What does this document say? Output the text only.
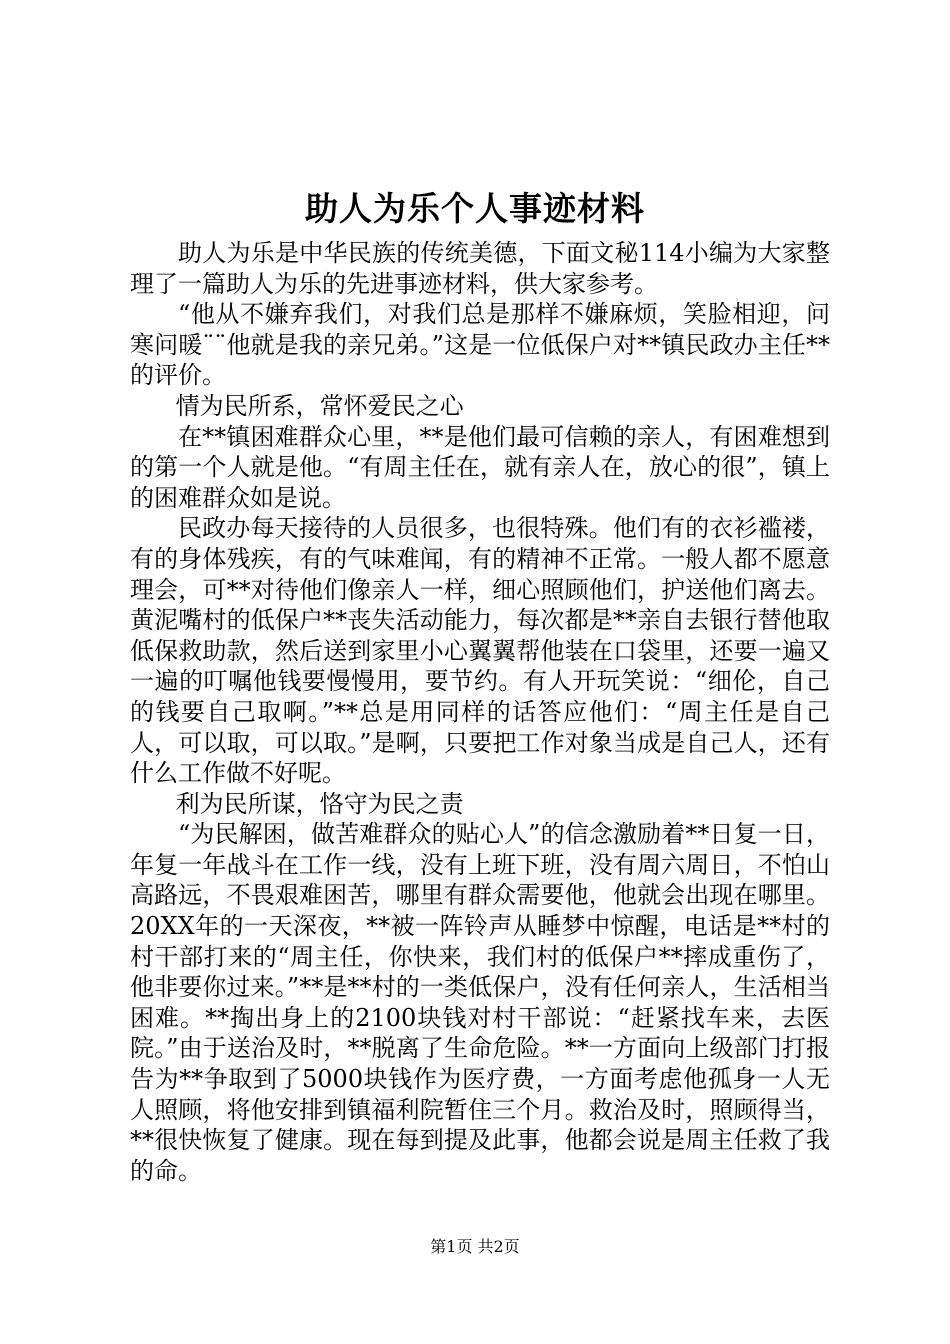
助人为乐个人事迹材料

助人为乐是中华民族的传统美德，下面文秘114小编为大家整理了一篇助人为乐的先进事迹材料，供大家参考。

“他从不嫌弃我们，对我们总是那样不嫌麻烦，笑脸相迎，问寒问暖¨¨他就是我的亲兄弟。”这是一位低保户对**镇民政办主任**的评价。

情为民所系，常怀爱民之心

在**镇困难群众心里，**是他们最可信赖的亲人，有困难想到的第一个人就是他。“有周主任在，就有亲人在，放心的很”，镇上的困难群众如是说。

民政办每天接待的人员很多，也很特殊。他们有的衣衫褴褛，有的身体残疾，有的气味难闻，有的精神不正常。一般人都不愿意理会，可**对待他们像亲人一样，细心照顾他们，护送他们离去。黄泥嘴村的低保户**丧失活动能力，每次都是**亲自去银行替他取低保救助款，然后送到家里小心翼翼帮他装在口袋里，还要一遍又一遍的叮嘱他钱要慢慢用，要节约。有人开玩笑说：“细伦，自己的钱要自己取啊。”**总是用同样的话答应他们：“周主任是自己人，可以取，可以取。”是啊，只要把工作对象当成是自己人，还有什么工作做不好呢。

利为民所谋，恪守为民之责

“为民解困，做苦难群众的贴心人”的信念激励着**日复一日，年复一年战斗在工作一线，没有上班下班，没有周六周日，不怕山高路远，不畏艰难困苦，哪里有群众需要他，他就会出现在哪里。20XX年的一天深夜，**被一阵铃声从睡梦中惊醒，电话是**村的村干部打来的“周主任，你快来，我们村的低保户**摔成重伤了，他非要你过来。”**是**村的一类低保户，没有任何亲人，生活相当困难。**掏出身上的2100块钱对村干部说：“赶紧找车来，去医院。”由于送治及时，**脱离了生命危险。**一方面向上级部门打报告为**争取到了5000块钱作为医疗费，一方面考虑他孤身一人无人照顾，将他安排到镇福利院暂住三个月。救治及时，照顾得当，**很快恢复了健康。现在每到提及此事，他都会说是周主任救了我的命。

第1页 共2页
